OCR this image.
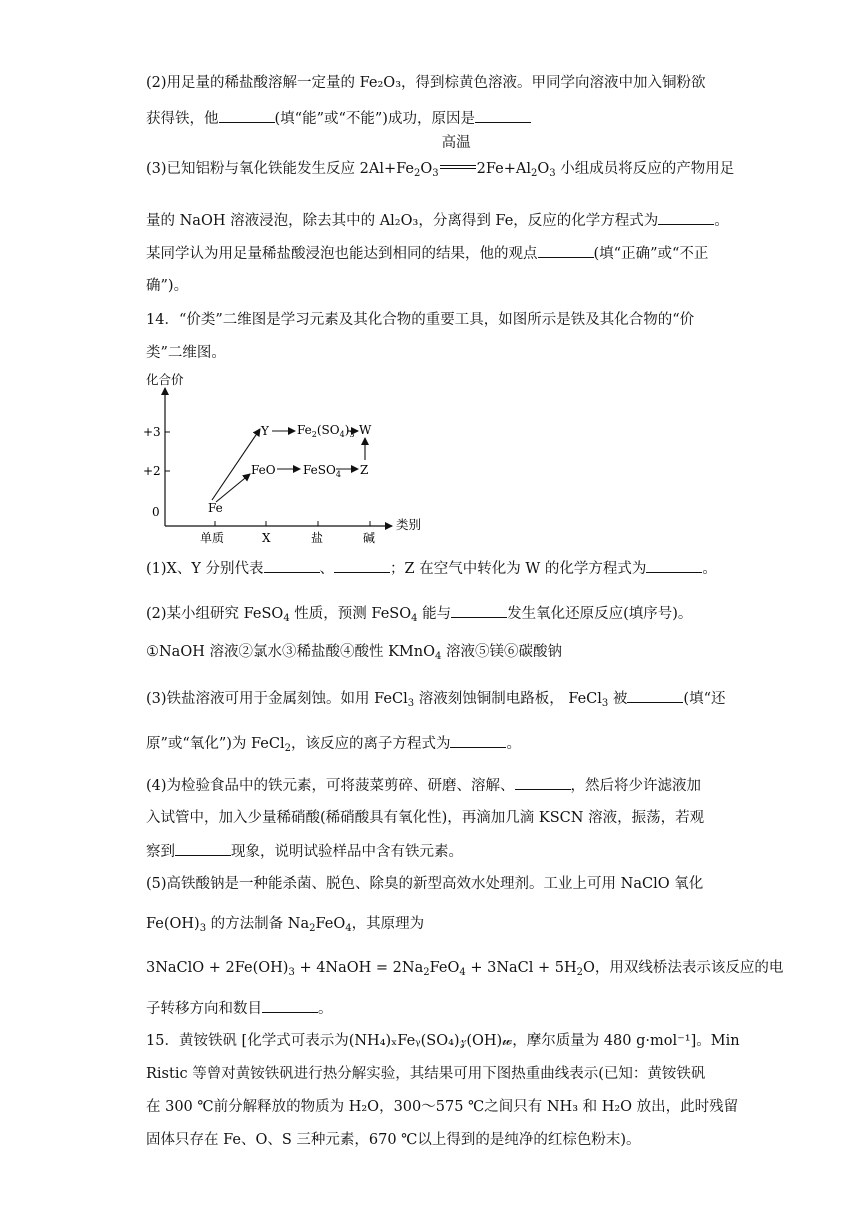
(2)用足量的稀盐酸溶解一定量的 Fe₂O₃，得到棕黄色溶液。甲同学向溶液中加入铜粉欲
获得铁，他	(填“能”或“不能”)成功，原因是
(3)已知铝粉与氧化铁能发生反应 $2Al+Fe_2O_3$
高温
$2Fe+Al_2O_3$ 小组成员将反应的产物用足
量的 NaOH 溶液浸泡，除去其中的 Al₂O₃，分离得到 Fe，反应的化学方程式为	。
某同学认为用足量稀盐酸浸泡也能达到相同的结果，他的观点	(填“正确”或“不正
确”)。
14．“价类”二维图是学习元素及其化合物的重要工具，如图所示是铁及其化合物的“价
类”二维图。
化合价
类别
+3
+2
0
单质	X	盐	碱
Fe
FeO FeSO$_4$ Z
Y $Fe_2(SO_4)_3$ W
(1)X、Y 分别代表	、	；Z 在空气中转化为 W 的化学方程式为	。
(2)某小组研究 FeSO$_4$ 性质，预测 FeSO$_4$ 能与	发生氧化还原反应(填序号)。
①NaOH 溶液②氯水③稀盐酸④酸性 KMnO$_4$ 溶液⑤镁⑥碳酸钠
(3)铁盐溶液可用于金属刻蚀。如用 FeCl$_3$ 溶液刻蚀铜制电路板， FeCl$_3$ 被	(填“还
原”或“氧化”)为 FeCl$_2$，该反应的离子方程式为	。
(4)为检验食品中的铁元素，可将菠菜剪碎、研磨、溶解、	，然后将少许滤液加
入试管中，加入少量稀硝酸(稀硝酸具有氧化性)，再滴加几滴 KSCN 溶液，振荡，若观
察到	现象，说明试验样品中含有铁元素。
(5)高铁酸钠是一种能杀菌、脱色、除臭的新型高效水处理剂。工业上可用 NaClO 氧化
$Fe(OH)_3$ 的方法制备 $Na_2FeO_4$，其原理为
3NaClO + $2Fe(OH)_3$ + 4NaOH = $2Na_2FeO_4$ + 3NaCl + $5H_2O$，用双线桥法表示该反应的电
子转移方向和数目	。
15．黄铵铁矾 [化学式可表示为(NH₄)ₓFeᵧ(SO₄)𝓏(OH)𝓌，摩尔质量为 480 g·mol⁻¹]。Min
Ristic 等曾对黄铵铁矾进行热分解实验，其结果可用下图热重曲线表示(已知：黄铵铁矾
在 300 ℃前分解释放的物质为 H₂O，300～575 ℃之间只有 NH₃ 和 H₂O 放出，此时残留
固体只存在 Fe、O、S 三种元素，670 ℃以上得到的是纯净的红棕色粉末)。
